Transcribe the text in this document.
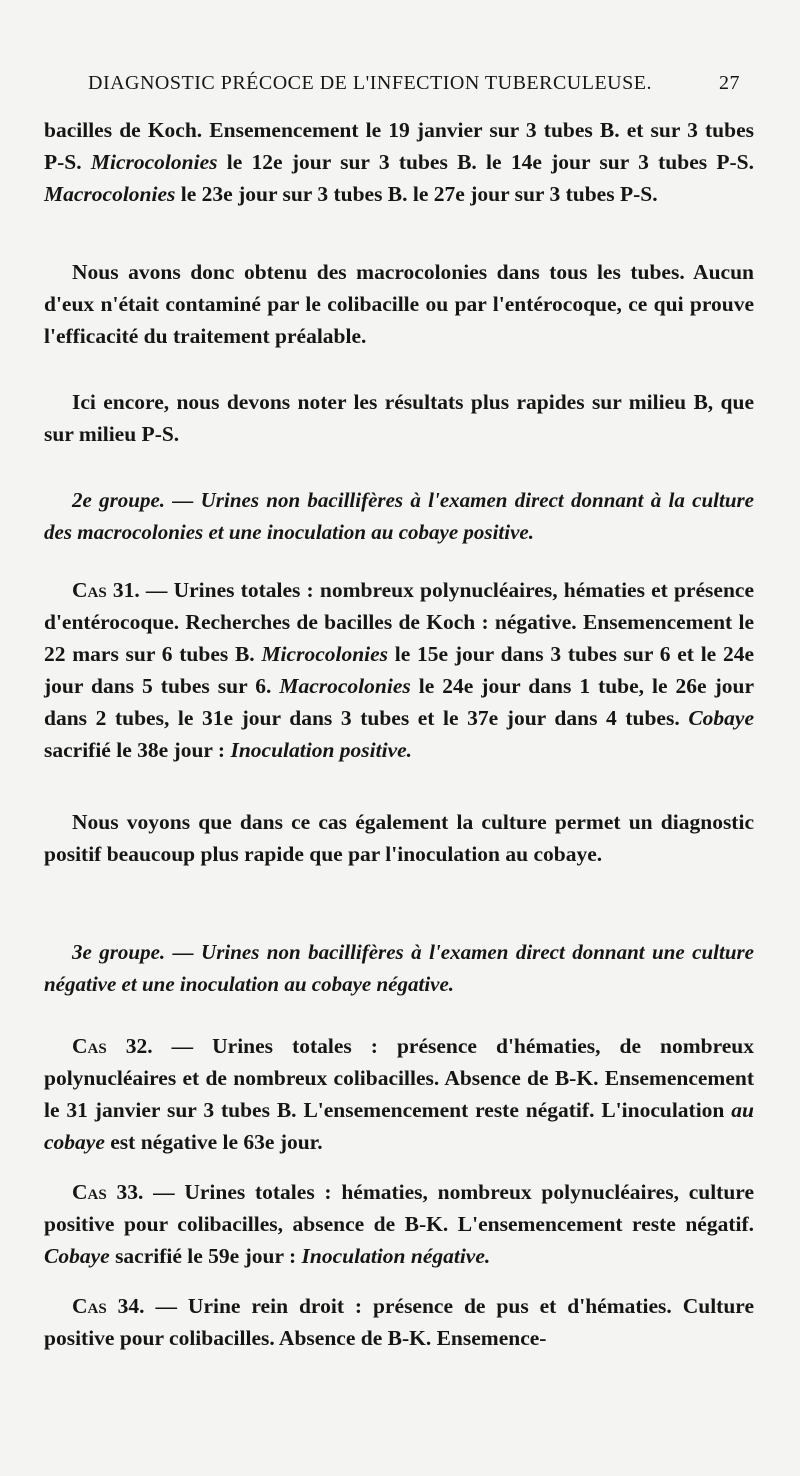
DIAGNOSTIC PRÉCOCE DE L'INFECTION TUBERCULEUSE.	27

bacilles de Koch. Ensemencement le 19 janvier sur 3 tubes B. et sur 3 tubes P-S. Microcolonies le 12e jour sur 3 tubes B. le 14e jour sur 3 tubes P-S. Macrocolonies le 23e jour sur 3 tubes B. le 27e jour sur 3 tubes P-S.

Nous avons donc obtenu des macrocolonies dans tous les tubes. Aucun d'eux n'était contaminé par le colibacille ou par l'entérocoque, ce qui prouve l'efficacité du traitement préalable.

Ici encore, nous devons noter les résultats plus rapides sur milieu B, que sur milieu P-S.

2e groupe. — Urines non bacillifères à l'examen direct donnant à la culture des macrocolonies et une inoculation au cobaye positive.

Cas 31. — Urines totales : nombreux polynucléaires, hématies et présence d'entérocoque. Recherches de bacilles de Koch : négative. Ensemencement le 22 mars sur 6 tubes B. Microcolonies le 15e jour dans 3 tubes sur 6 et le 24e jour dans 5 tubes sur 6. Macrocolonies le 24e jour dans 1 tube, le 26e jour dans 2 tubes, le 31e jour dans 3 tubes et le 37e jour dans 4 tubes. Cobaye sacrifié le 38e jour : Inoculation positive.

Nous voyons que dans ce cas également la culture permet un diagnostic positif beaucoup plus rapide que par l'inoculation au cobaye.

3e groupe. — Urines non bacillifères à l'examen direct donnant une culture négative et une inoculation au cobaye négative.

Cas 32. — Urines totales : présence d'hématies, de nombreux polynucléaires et de nombreux colibacilles. Absence de B-K. Ensemencement le 31 janvier sur 3 tubes B. L'ensemencement reste négatif. L'inoculation au cobaye est négative le 63e jour.

Cas 33. — Urines totales : hématies, nombreux polynucléaires, culture positive pour colibacilles, absence de B-K. L'ensemencement reste négatif. Cobaye sacrifié le 59e jour : Inoculation négative.

Cas 34. — Urine rein droit : présence de pus et d'hématies. Culture positive pour colibacilles. Absence de B-K. Ensemence-
